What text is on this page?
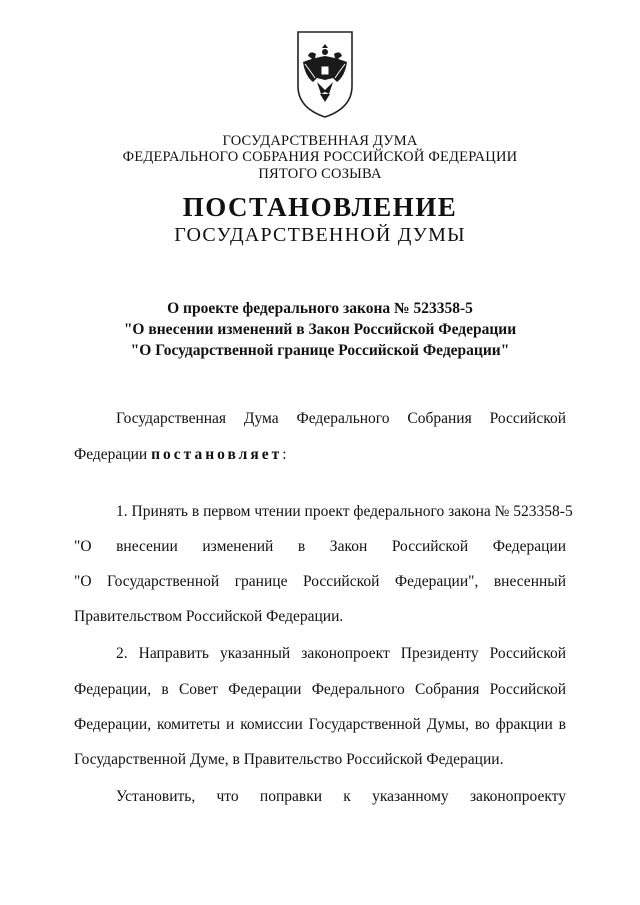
ГОСУДАРСТВЕННАЯ ДУМА
ФЕДЕРАЛЬНОГО СОБРАНИЯ РОССИЙСКОЙ ФЕДЕРАЦИИ
ПЯТОГО СОЗЫВА
ПОСТАНОВЛЕНИЕ
ГОСУДАРСТВЕННОЙ ДУМЫ
О проекте федерального закона № 523358-5
"О внесении изменений в Закон Российской Федерации
"О Государственной границе Российской Федерации"
Государственная Дума Федерального Собрания Российской
Федерации постановляет:
1. Принять в первом чтении проект федерального закона № 523358-5
"О внесении изменений в Закон Российской Федерации
"О Государственной границе Российской Федерации", внесенный
Правительством Российской Федерации.
2. Направить указанный законопроект Президенту Российской
Федерации, в Совет Федерации Федерального Собрания Российской
Федерации, комитеты и комиссии Государственной Думы, во фракции в
Государственной Думе, в Правительство Российской Федерации.
Установить, что поправки к указанному законопроекту
